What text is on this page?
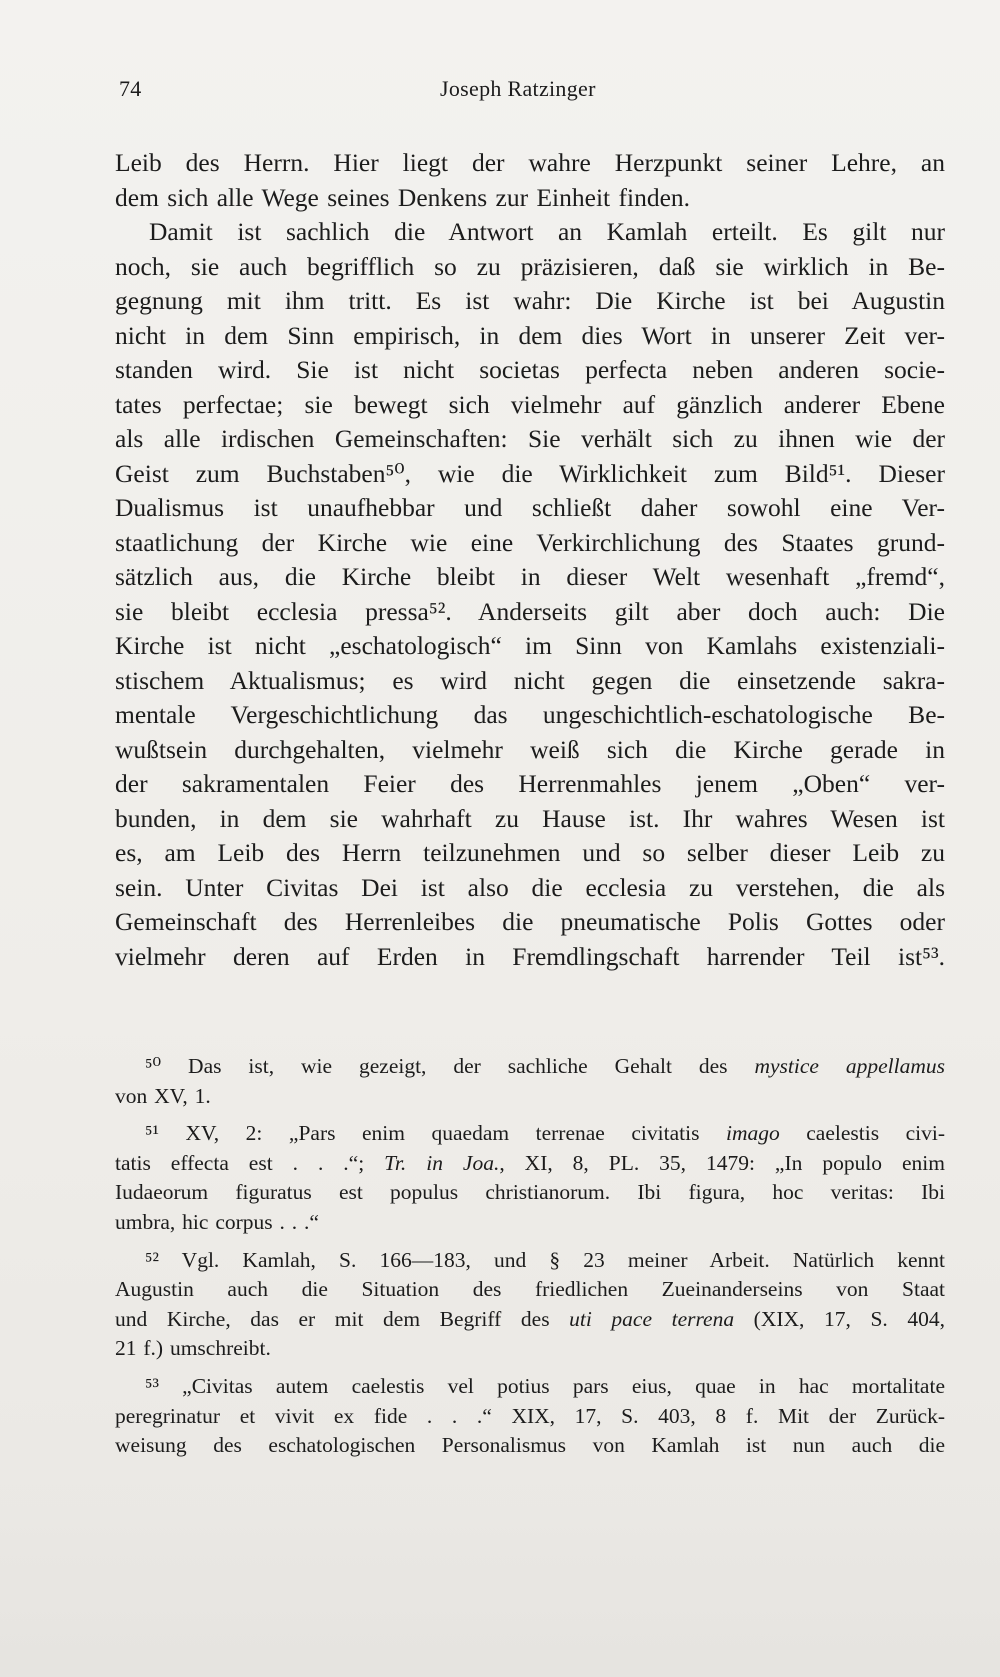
74	Joseph Ratzinger
Leib des Herrn. Hier liegt der wahre Herzpunkt seiner Lehre, an
dem sich alle Wege seines Denkens zur Einheit finden.
Damit ist sachlich die Antwort an Kamlah erteilt. Es gilt nur
noch, sie auch begrifflich so zu präzisieren, daß sie wirklich in Be-
gegnung mit ihm tritt. Es ist wahr: Die Kirche ist bei Augustin
nicht in dem Sinn empirisch, in dem dies Wort in unserer Zeit ver-
standen wird. Sie ist nicht societas perfecta neben anderen socie-
tates perfectae; sie bewegt sich vielmehr auf gänzlich anderer Ebene
als alle irdischen Gemeinschaften: Sie verhält sich zu ihnen wie der
Geist zum Buchstaben⁵⁰, wie die Wirklichkeit zum Bild⁵¹. Dieser
Dualismus ist unaufhebbar und schließt daher sowohl eine Ver-
staatlichung der Kirche wie eine Verkirchlichung des Staates grund-
sätzlich aus, die Kirche bleibt in dieser Welt wesenhaft „fremd“,
sie bleibt ecclesia pressa⁵². Anderseits gilt aber doch auch: Die
Kirche ist nicht „eschatologisch“ im Sinn von Kamlahs existenziali-
stischem Aktualismus; es wird nicht gegen die einsetzende sakra-
mentale Vergeschichtlichung das ungeschichtlich-eschatologische Be-
wußtsein durchgehalten, vielmehr weiß sich die Kirche gerade in
der sakramentalen Feier des Herrenmahles jenem „Oben“ ver-
bunden, in dem sie wahrhaft zu Hause ist. Ihr wahres Wesen ist
es, am Leib des Herrn teilzunehmen und so selber dieser Leib zu
sein. Unter Civitas Dei ist also die ecclesia zu verstehen, die als
Gemeinschaft des Herrenleibes die pneumatische Polis Gottes oder
vielmehr deren auf Erden in Fremdlingschaft harrender Teil ist⁵³.
⁵⁰ Das ist, wie gezeigt, der sachliche Gehalt des mystice appellamus
von XV, 1.
⁵¹ XV, 2: „Pars enim quaedam terrenae civitatis imago caelestis civi-
tatis effecta est . . .“; Tr. in Joa., XI, 8, PL. 35, 1479: „In populo enim
Iudaeorum figuratus est populus christianorum. Ibi figura, hoc veritas: Ibi
umbra, hic corpus . . .“
⁵² Vgl. Kamlah, S. 166—183, und § 23 meiner Arbeit. Natürlich kennt
Augustin auch die Situation des friedlichen Zueinanderseins von Staat
und Kirche, das er mit dem Begriff des uti pace terrena (XIX, 17, S. 404,
21 f.) umschreibt.
⁵³ „Civitas autem caelestis vel potius pars eius, quae in hac mortalitate
peregrinatur et vivit ex fide . . .“ XIX, 17, S. 403, 8 f. Mit der Zurück-
weisung des eschatologischen Personalismus von Kamlah ist nun auch die
